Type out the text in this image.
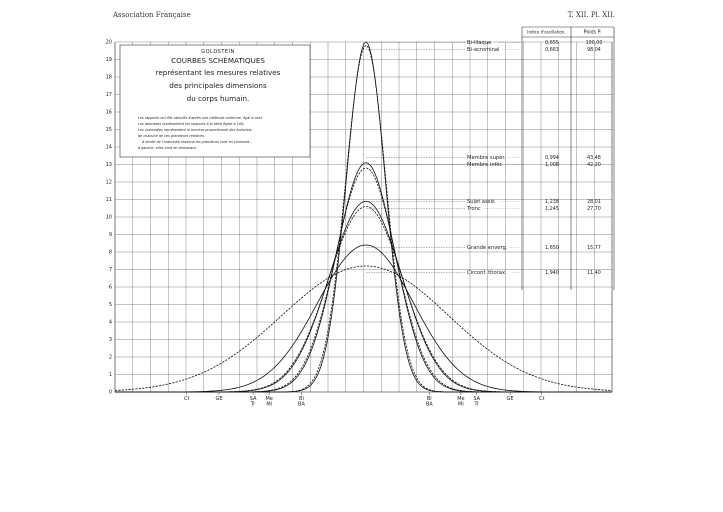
Association Française	T. XII. Pl. XII.
0
1
2
3
4
5
6
7
8
9
10
11
12
13
14
15
16
17
18
19
20
Ct	GE	SA
Tr
Me
Mi
Bi
BA
Bi
BA
Me
Mi
SA
Tr
GE	Ct
Indice d'oscillation.	Poids P.
Bi-iliaque	0,655	100,00
Bi-acrominal	0,663	98,04
Membre supér.	0,994	43,48
Membre infér.	1,008	42,20
Sujet assis	1,238	28,01
Tronc	1,245	27,70
Grande enverg.	1,650	15,77
Circonf. thorax	1,940	11,40
GOLDSTEIN
COURBES SCHÉMATIQUES
représentant les mesures relatives
des principales dimensions
du corps humain.
Les rapports ont été calculés d'après une méthode uniforme, égal à celui
Les abscisses représentent les rapports à la taille égale à 100;
Les ordonnées représentent le nombre proportionnel des individus
de chacune de ces grandeurs relatives.
A droite de l'ordonnée maxima les grandeurs vont en croissant ;
à gauche, elles vont en diminuant.
